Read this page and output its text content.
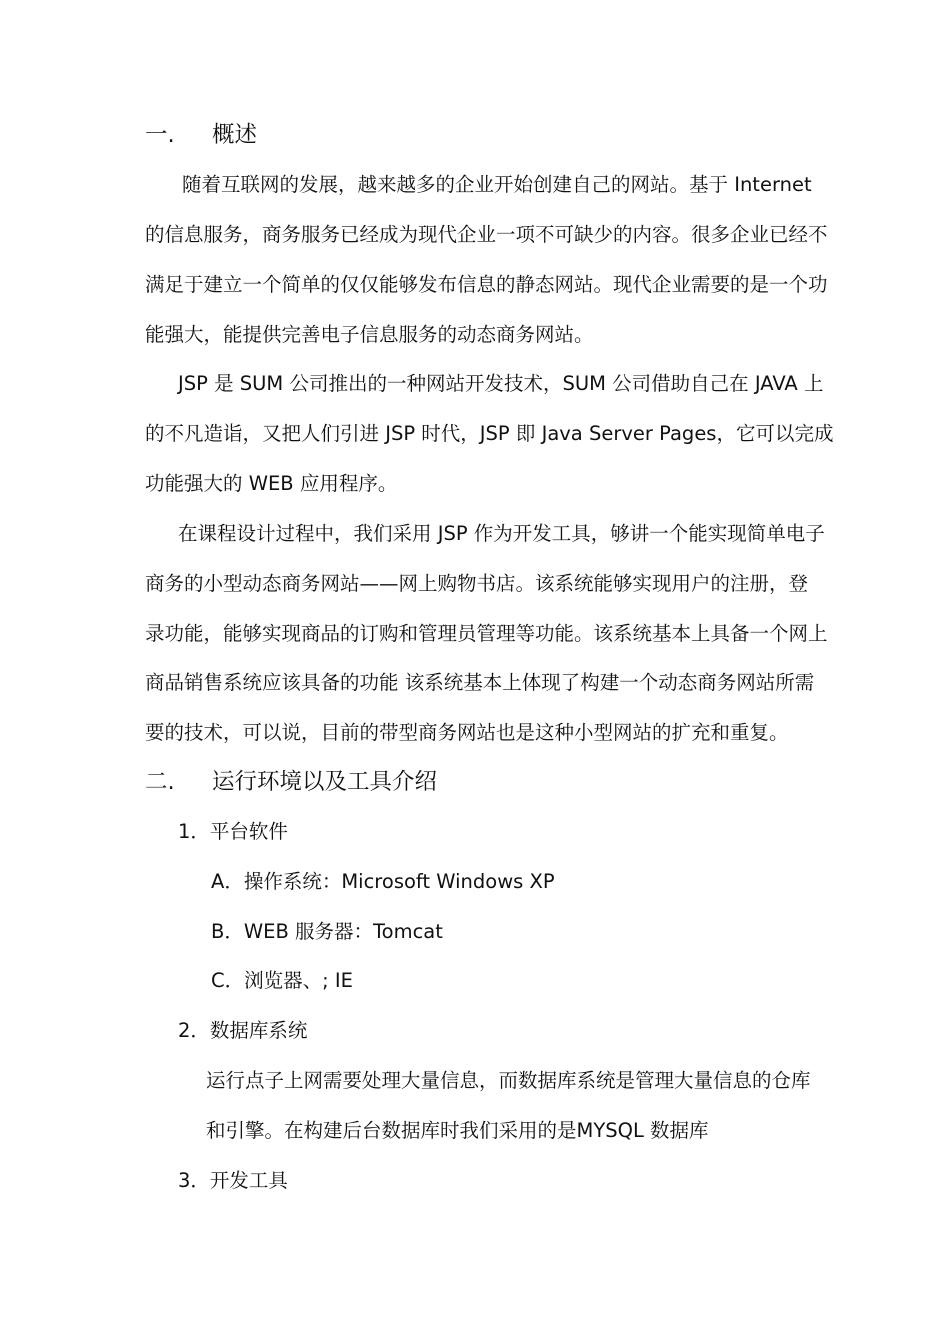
一. 概述
随着互联网的发展，越来越多的企业开始创建自己的网站。基于 Internet
的信息服务，商务服务已经成为现代企业一项不可缺少的内容。很多企业已经不
满足于建立一个简单的仅仅能够发布信息的静态网站。现代企业需要的是一个功
能强大，能提供完善电子信息服务的动态商务网站。
JSP 是 SUM 公司推出的一种网站开发技术，SUM 公司借助自己在 JAVA 上
的不凡造诣，又把人们引进 JSP 时代，JSP 即 Java Server Pages，它可以完成
功能强大的 WEB 应用程序。
在课程设计过程中，我们采用 JSP 作为开发工具，够讲一个能实现简单电子
商务的小型动态商务网站——网上购物书店。该系统能够实现用户的注册，登
录功能，能够实现商品的订购和管理员管理等功能。该系统基本上具备一个网上
商品销售系统应该具备的功能 该系统基本上体现了构建一个动态商务网站所需
要的技术，可以说，目前的带型商务网站也是这种小型网站的扩充和重复。
二. 运行环境以及工具介绍
1．平台软件
A．操作系统：Microsoft Windows XP
B．WEB 服务器：Tomcat
C．浏览器、; IE
2．数据库系统
运行点子上网需要处理大量信息，而数据库系统是管理大量信息的仓库
和引擎。在构建后台数据库时我们采用的是MYSQL 数据库
3．开发工具
